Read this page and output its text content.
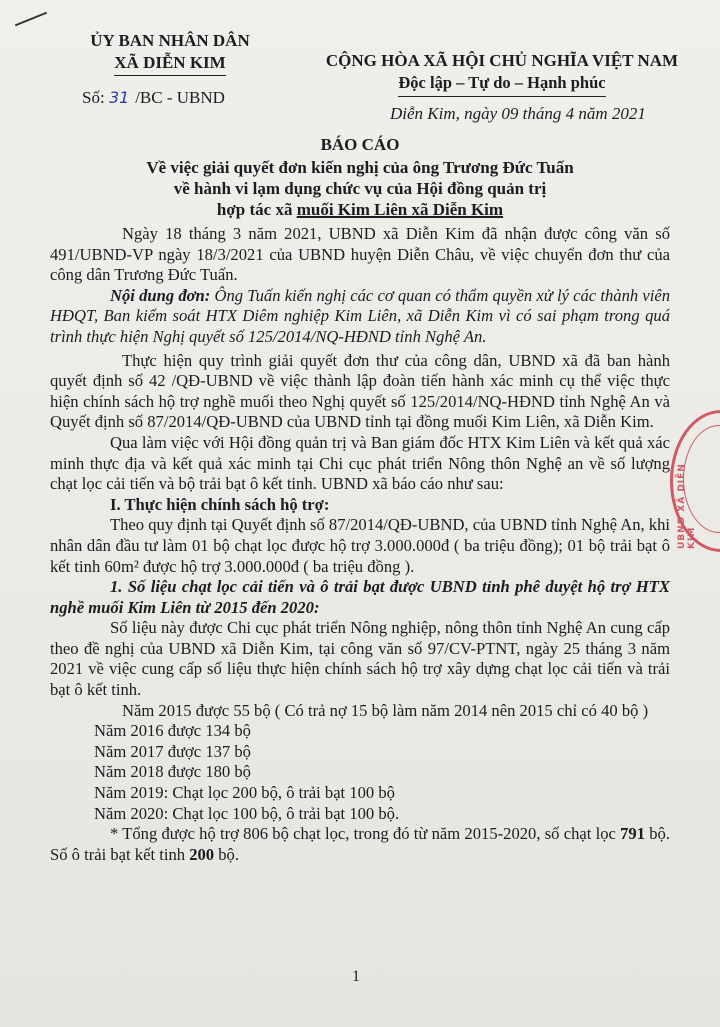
ỦY BAN NHÂN DÂN
XÃ DIỄN KIM	CỘNG HÒA XÃ HỘI CHỦ NGHĨA VIỆT NAM
Độc lập – Tự do – Hạnh phúc
Số: 31 /BC - UBND
Diễn Kim, ngày 09 tháng 4 năm 2021
BÁO CÁO
Về việc giải quyết đơn kiến nghị của ông Trương Đức Tuấn
về hành vi lạm dụng chức vụ của Hội đồng quản trị
hợp tác xã muối Kim Liên xã Diễn Kim

Ngày 18 tháng 3 năm 2021, UBND xã Diễn Kim đã nhận được công văn số 491/UBND-VP ngày 18/3/2021 của UBND huyện Diễn Châu, về việc chuyển đơn thư của công dân Trương Đức Tuấn.

Nội dung đơn: Ông Tuấn kiến nghị các cơ quan có thẩm quyền xử lý các thành viên HĐQT, Ban kiểm soát HTX Diêm nghiệp Kim Liên, xã Diễn Kim vì có sai phạm trong quá trình thực hiện Nghị quyết số 125/2014/NQ-HĐND tỉnh Nghệ An.

Thực hiện quy trình giải quyết đơn thư của công dân, UBND xã đã ban hành quyết định số 42 /QĐ-UBND về việc thành lập đoàn tiến hành xác minh cụ thể việc thực hiện chính sách hộ trợ nghề muối theo Nghị quyết số 125/2014/NQ-HĐND tỉnh Nghệ An và Quyết định số 87/2014/QĐ-UBND của UBND tỉnh tại đồng muối Kim Liên, xã Diễn Kim.

Qua làm việc với Hội đồng quản trị và Ban giám đốc HTX Kim Liên và kết quả xác minh thực địa và kết quả xác minh tại Chi cục phát triển Nông thôn Nghệ an về số lượng chạt lọc cải tiến và bộ trải bạt ô kết tinh. UBND xã báo cáo như sau:

I. Thực hiện chính sách hộ trợ:

Theo quy định tại Quyết định số 87/2014/QĐ-UBND, của UBND tỉnh Nghệ An, khi nhân dân đầu tư làm 01 bộ chạt lọc được hộ trợ 3.000.000đ ( ba triệu đồng); 01 bộ trải bạt ô kết tinh 60m² được hộ trợ 3.000.000đ ( ba triệu đồng ).

1. Số liệu chạt lọc cải tiến và ô trải bạt được UBND tỉnh phê duyệt hộ trợ HTX nghề muối Kim Liên từ 2015 đến 2020:

Số liệu này được Chi cục phát triển Nông nghiệp, nông thôn tỉnh Nghệ An cung cấp theo đề nghị của UBND xã Diễn Kim, tại công văn số 97/CV-PTNT, ngày 25 tháng 3 năm 2021 về việc cung cấp số liệu thực hiện chính sách hộ trợ xây dựng chạt lọc cải tiến và trải bạt ô kết tinh.

Năm 2015 được 55 bộ ( Có trả nợ 15 bộ làm năm 2014 nên 2015 chỉ có 40 bộ )

Năm 2016 được 134 bộ
Năm 2017 được 137 bộ
Năm 2018 được 180 bộ
Năm 2019: Chạt lọc 200 bộ, ô trải bạt 100 bộ
Năm 2020: Chạt lọc 100 bộ, ô trải bạt 100 bộ.

* Tổng được hộ trợ 806 bộ chạt lọc, trong đó từ năm 2015-2020, số chạt lọc 791 bộ. Số ô trải bạt kết tinh 200 bộ.

1
UBND XÃ DIỄN KIM
